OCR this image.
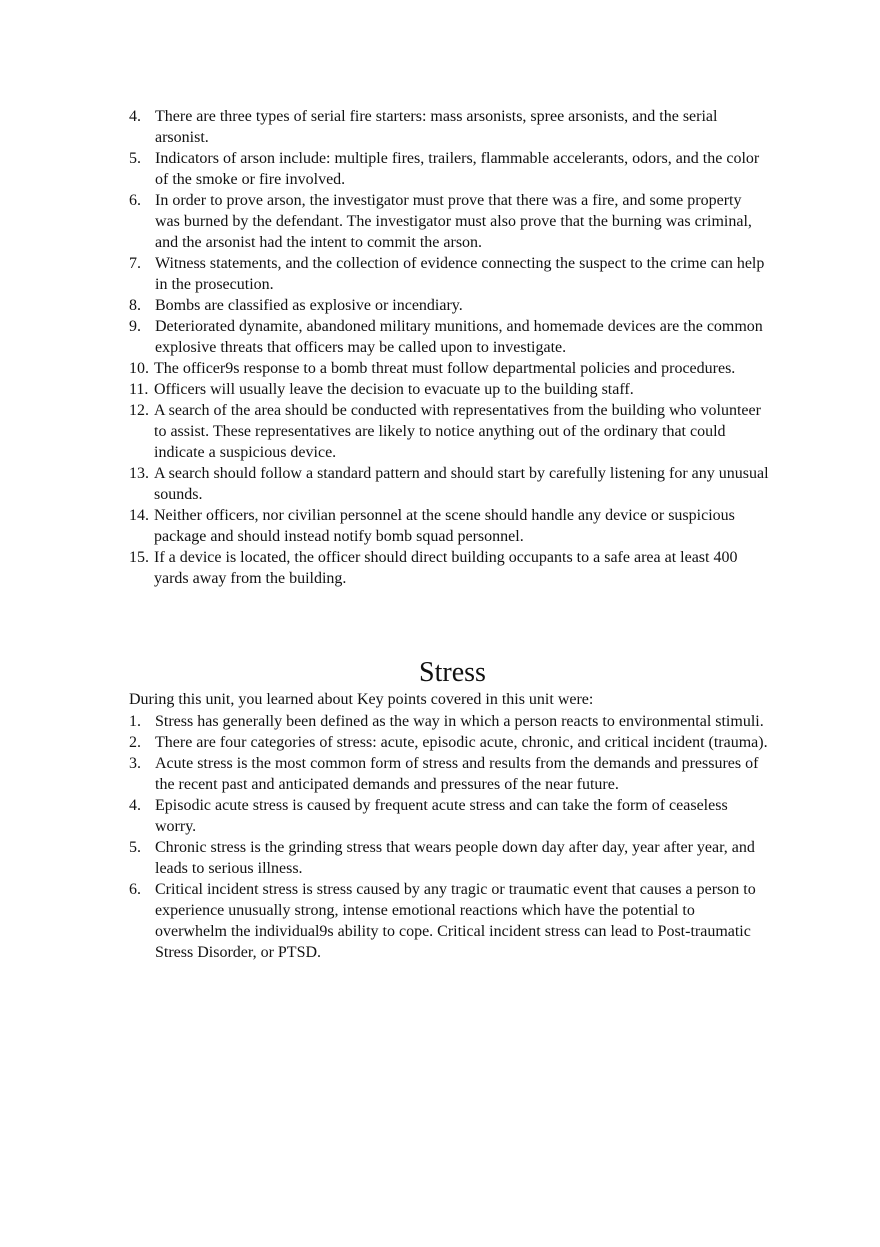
4. There are three types of serial fire starters: mass arsonists, spree arsonists, and the serial arsonist.
5. Indicators of arson include: multiple fires, trailers, flammable accelerants, odors, and the color of the smoke or fire involved.
6. In order to prove arson, the investigator must prove that there was a fire, and some property was burned by the defendant. The investigator must also prove that the burning was criminal, and the arsonist had the intent to commit the arson.
7. Witness statements, and the collection of evidence connecting the suspect to the crime can help in the prosecution.
8. Bombs are classified as explosive or incendiary.
9. Deteriorated dynamite, abandoned military munitions, and homemade devices are the common explosive threats that officers may be called upon to investigate.
10. The officer9s response to a bomb threat must follow departmental policies and procedures.
11. Officers will usually leave the decision to evacuate up to the building staff.
12. A search of the area should be conducted with representatives from the building who volunteer to assist. These representatives are likely to notice anything out of the ordinary that could indicate a suspicious device.
13. A search should follow a standard pattern and should start by carefully listening for any unusual sounds.
14. Neither officers, nor civilian personnel at the scene should handle any device or suspicious package and should instead notify bomb squad personnel.
15. If a device is located, the officer should direct building occupants to a safe area at least 400 yards away from the building.
Stress

During this unit, you learned about Key points covered in this unit were:

1. Stress has generally been defined as the way in which a person reacts to environmental stimuli.
2. There are four categories of stress: acute, episodic acute, chronic, and critical incident (trauma).
3. Acute stress is the most common form of stress and results from the demands and pressures of the recent past and anticipated demands and pressures of the near future.
4. Episodic acute stress is caused by frequent acute stress and can take the form of ceaseless worry.
5. Chronic stress is the grinding stress that wears people down day after day, year after year, and leads to serious illness.
6. Critical incident stress is stress caused by any tragic or traumatic event that causes a person to experience unusually strong, intense emotional reactions which have the potential to overwhelm the individual9s ability to cope. Critical incident stress can lead to Post-traumatic Stress Disorder, or PTSD.
